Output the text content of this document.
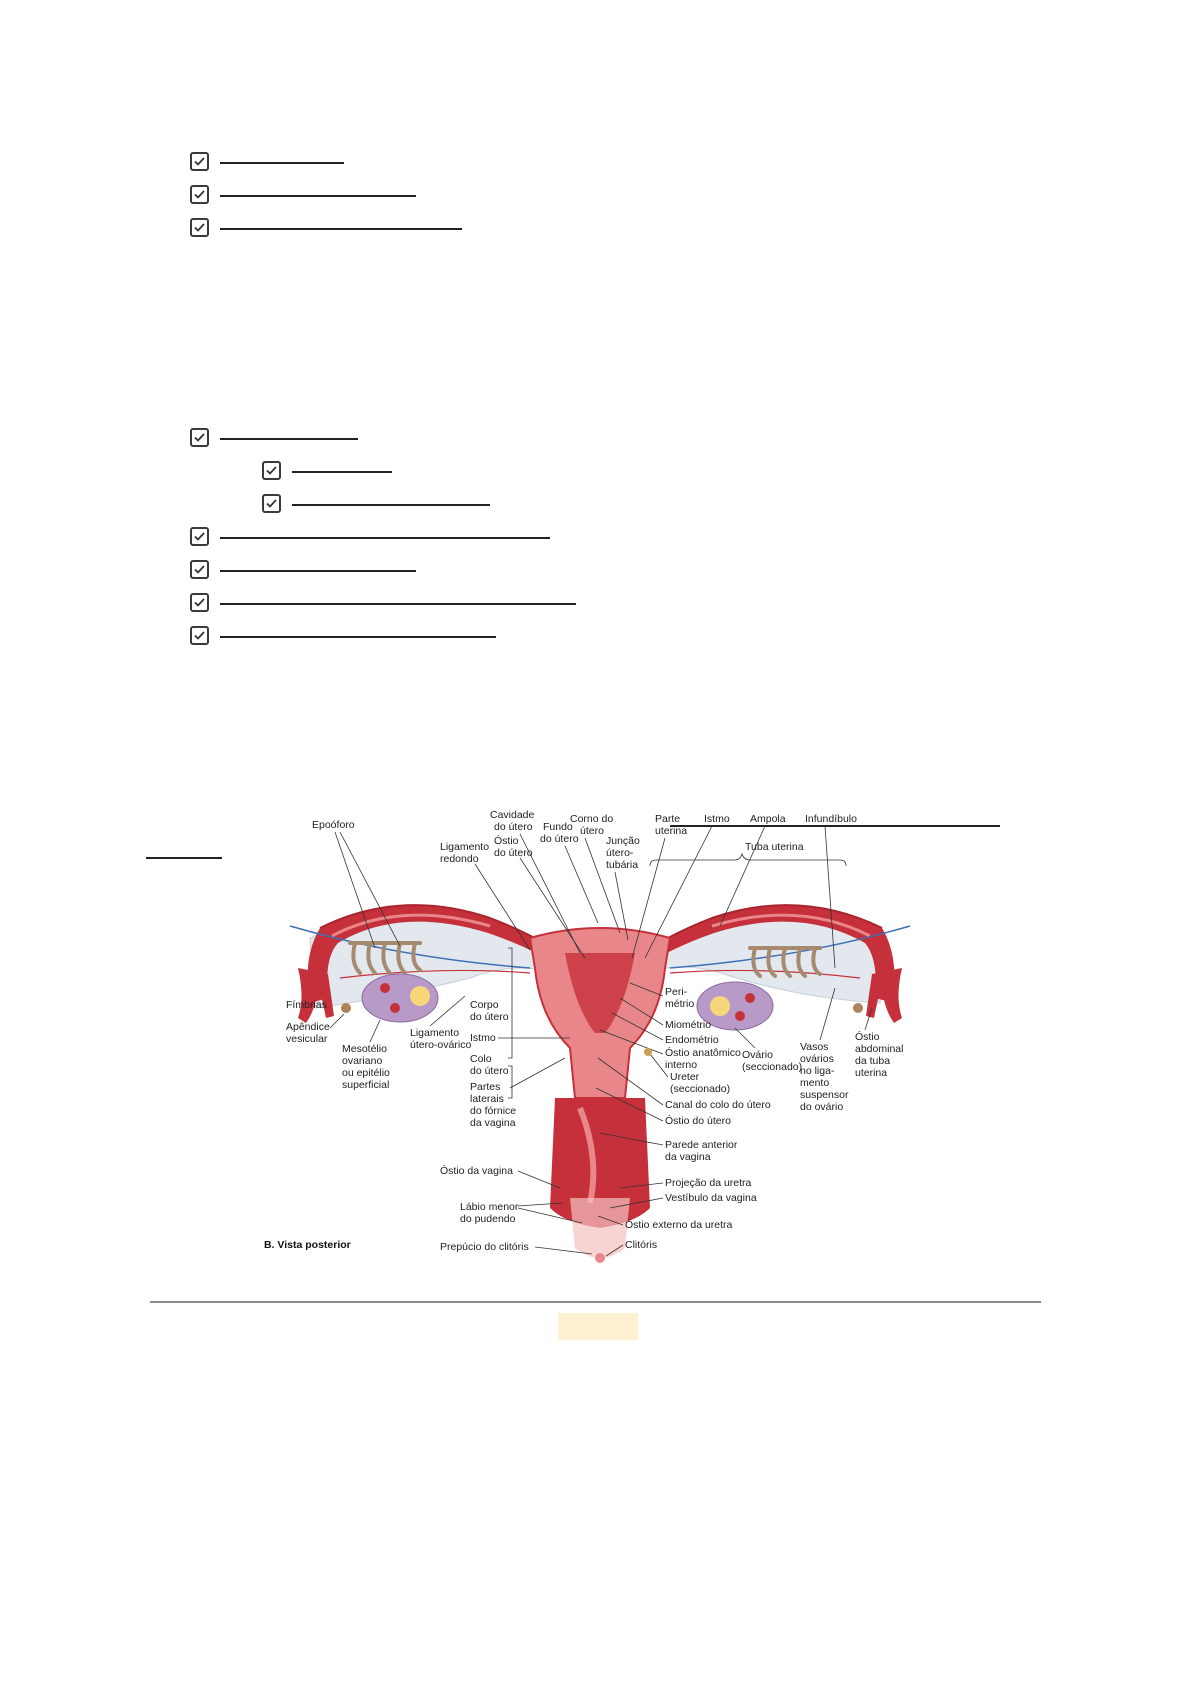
Tuba uterina
Epoóforo
Cavidade do útero
Óstio do útero
Fundo do útero
Corno do útero
Junção útero-tubária
Parte uterina
Istmo Ampola Infundíbulo
Ligamento redondo
Corpo do útero
Istmo
Colo do útero
Fímbrias
Apêndice vesicular
Mesotélio ovariano ou epitélio superficial
Ligamento útero-ovárico
Partes laterais do fórnice da vagina
Peri-métrio
Miométrio
Endométrio
Óstio anatômico interno
Ureter (seccionado)
Canal do colo do útero
Óstio do útero
Parede anterior da vagina
Ovário (seccionado)
Vasos ovários no liga-mento suspensor do ovário
Óstio abdominal da tuba uterina
Óstio da vagina
Projeção da uretra
Vestíbulo da vagina
Lábio menor do pudendo	Óstio externo da uretra
Prepúcio do clitóris	Clitóris
B. Vista posterior
